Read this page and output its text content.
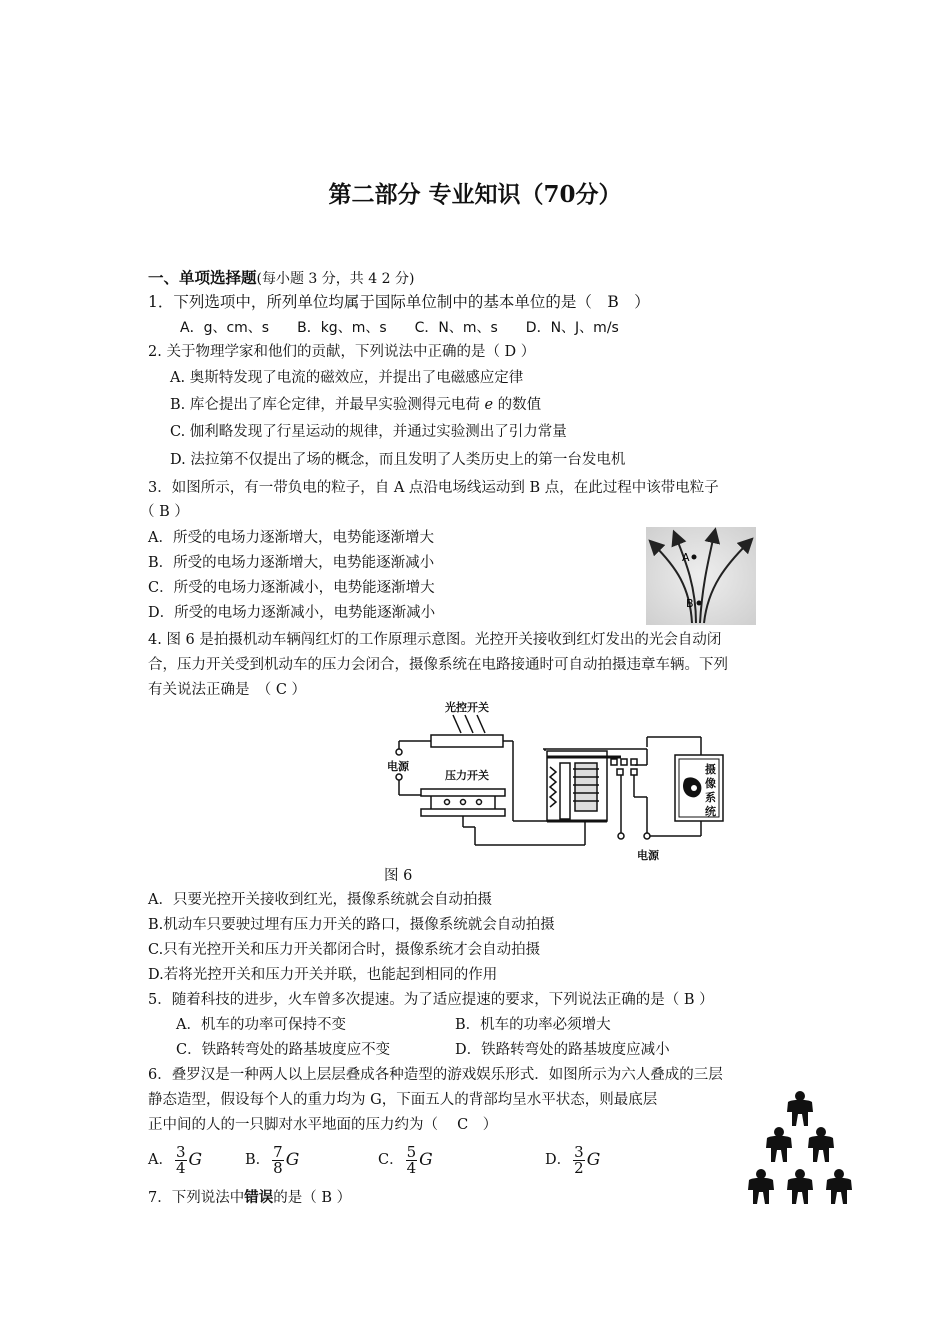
第二部分 专业知识（70分）
一、单项选择题(每小题 3 分，共 4 2 分)
1．下列选项中，所列单位均属于国际单位制中的基本单位的是（　B　）
A．g、cm、s　　B．kg、m、s　　C．N、m、s　　D．N、J、m/s
2. 关于物理学家和他们的贡献，下列说法中正确的是（ D ）
A. 奥斯特发现了电流的磁效应，并提出了电磁感应定律
B. 库仑提出了库仑定律，并最早实验测得元电荷 e 的数值
C. 伽利略发现了行星运动的规律，并通过实验测出了引力常量
D. 法拉第不仅提出了场的概念，而且发明了人类历史上的第一台发电机
3．如图所示，有一带负电的粒子，自 A 点沿电场线运动到 B 点，在此过程中该带电粒子
（ B ）
A．所受的电场力逐渐增大，电势能逐渐增大
B．所受的电场力逐渐增大，电势能逐渐减小
C．所受的电场力逐渐减小，电势能逐渐增大
D．所受的电场力逐渐减小，电势能逐渐减小
A
B
4. 图 6 是拍摄机动车辆闯红灯的工作原理示意图。光控开关接收到红灯发出的光会自动闭
合，压力开关受到机动车的压力会闭合，摄像系统在电路接通时可自动拍摄违章车辆。下列
有关说法正确是　（ C ）
光控开关
电源
压力开关	摄
像
系
统
电源
图 6
A．只要光控开关接收到红光，摄像系统就会自动拍摄
B.机动车只要驶过埋有压力开关的路口，摄像系统就会自动拍摄
C.只有光控开关和压力开关都闭合时，摄像系统才会自动拍摄
D.若将光控开关和压力开关并联，也能起到相同的作用
5．随着科技的进步，火车曾多次提速。为了适应提速的要求，下列说法正确的是（ B ）
A．机车的功率可保持不变	B．机车的功率必须增大
C．铁路转弯处的路基坡度应不变	D．铁路转弯处的路基坡度应减小
6．叠罗汉是一种两人以上层层叠成各种造型的游戏娱乐形式．如图所示为六人叠成的三层
静态造型，假设每个人的重力均为 G，下面五人的背部均呈水平状态，则最底层
正中间的人的一只脚对水平地面的压力约为（　 C　）
A． $\frac{3}{4}$ G	B． $\frac{7}{8}$ G	C． $\frac{5}{4}$ G	D． $\frac{3}{2}$ G
7．下列说法中错误的是（ B ）
